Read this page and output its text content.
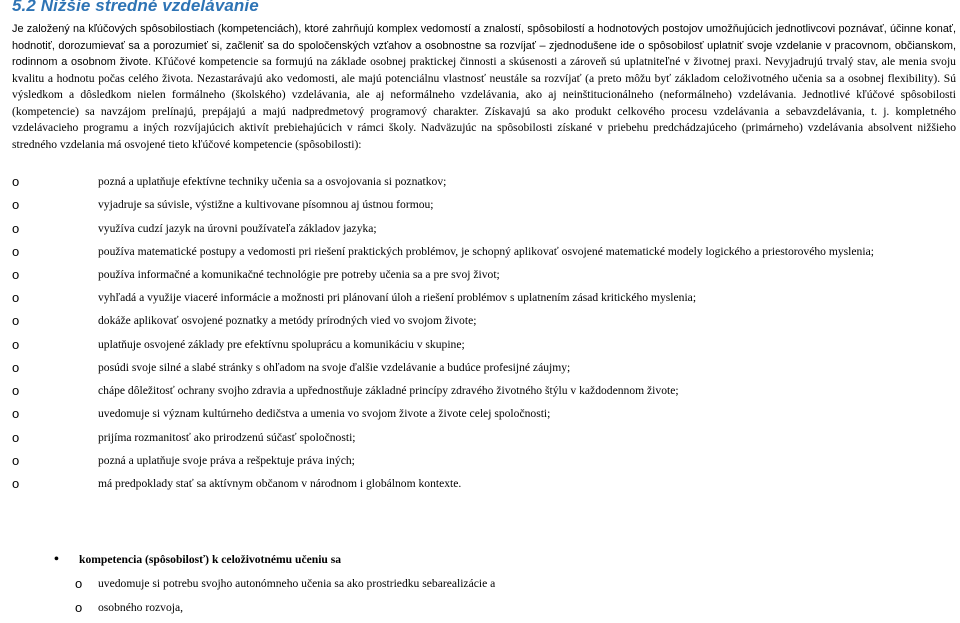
5.2 Nižšie stredné vzdelávanie

Je založený na kľúčových spôsobilostiach (kompetenciách), ktoré zahrňujú komplex vedomostí a znalostí, spôsobilostí a hodnotových postojov umožňujúcich jednotlivcovi poznávať, účinne konať, hodnotiť, dorozumievať sa a porozumieť si, začleniť sa do spoločenských vzťahov a osobnostne sa rozvíjať – zjednodušene ide o spôsobilosť uplatniť svoje vzdelanie v pracovnom, občianskom, rodinnom a osobnom živote. Kľúčové kompetencie sa formujú na základe osobnej praktickej činnosti a skúsenosti a zároveň sú uplatniteľné v životnej praxi. Nevyjadrujú trvalý stav, ale menia svoju kvalitu a hodnotu počas celého života. Nezastarávajú ako vedomosti, ale majú potenciálnu vlastnosť neustále sa rozvíjať (a preto môžu byť základom celoživotného učenia sa a osobnej flexibility). Sú výsledkom a dôsledkom nielen formálneho (školského) vzdelávania, ale aj neformálneho vzdelávania, ako aj neinštitucionálneho (neformálneho) vzdelávania. Jednotlivé kľúčové spôsobilosti (kompetencie) sa navzájom prelínajú, prepájajú a majú nadpredmetový programový charakter. Získavajú sa ako produkt celkového procesu vzdelávania a sebavzdelávania, t. j. kompletného vzdelávacieho programu a iných rozvíjajúcich aktivít prebiehajúcich v rámci školy. Nadväzujúc na spôsobilosti získané v priebehu predchádzajúceho (primárneho) vzdelávania absolvent nižšieho stredného vzdelania má osvojené tieto kľúčové kompetencie (spôsobilosti):

o	pozná a uplatňuje efektívne techniky učenia sa a osvojovania si poznatkov;
o	vyjadruje sa súvisle, výstižne a kultivovane písomnou aj ústnou formou;
o	využíva cudzí jazyk na úrovni používateľa základov jazyka;
o	používa matematické postupy a vedomosti pri riešení praktických problémov, je schopný aplikovať osvojené matematické modely logického a priestorového myslenia;
o	používa informačné a komunikačné technológie pre potreby učenia sa a pre svoj život;
o	vyhľadá a využije viaceré informácie a možnosti pri plánovaní úloh a riešení problémov s uplatnením zásad kritického myslenia;
o	dokáže aplikovať osvojené poznatky a metódy prírodných vied vo svojom živote;
o	uplatňuje osvojené základy pre efektívnu spoluprácu a komunikáciu v skupine;
o	posúdi svoje silné a slabé stránky s ohľadom na svoje ďalšie vzdelávanie a budúce profesijné záujmy;
o	chápe dôležitosť ochrany svojho zdravia a upřednostňuje základné princípy zdravého životného štýlu v každodennom živote;
o	uvedomuje si význam kultúrneho dedičstva a umenia vo svojom živote a živote celej spoločnosti;
o	prijíma rozmanitosť ako prirodzenú súčasť spoločnosti;
o	pozná a uplatňuje svoje práva a rešpektuje práva iných;
o	má predpoklady stať sa aktívnym občanom v národnom i globálnom kontexte.

• kompetencia (spôsobilosť) k celoživotnému učeniu sa

o uvedomuje si potrebu svojho autonómneho učenia sa ako prostriedku sebarealizácie a
o osobného rozvoja,
